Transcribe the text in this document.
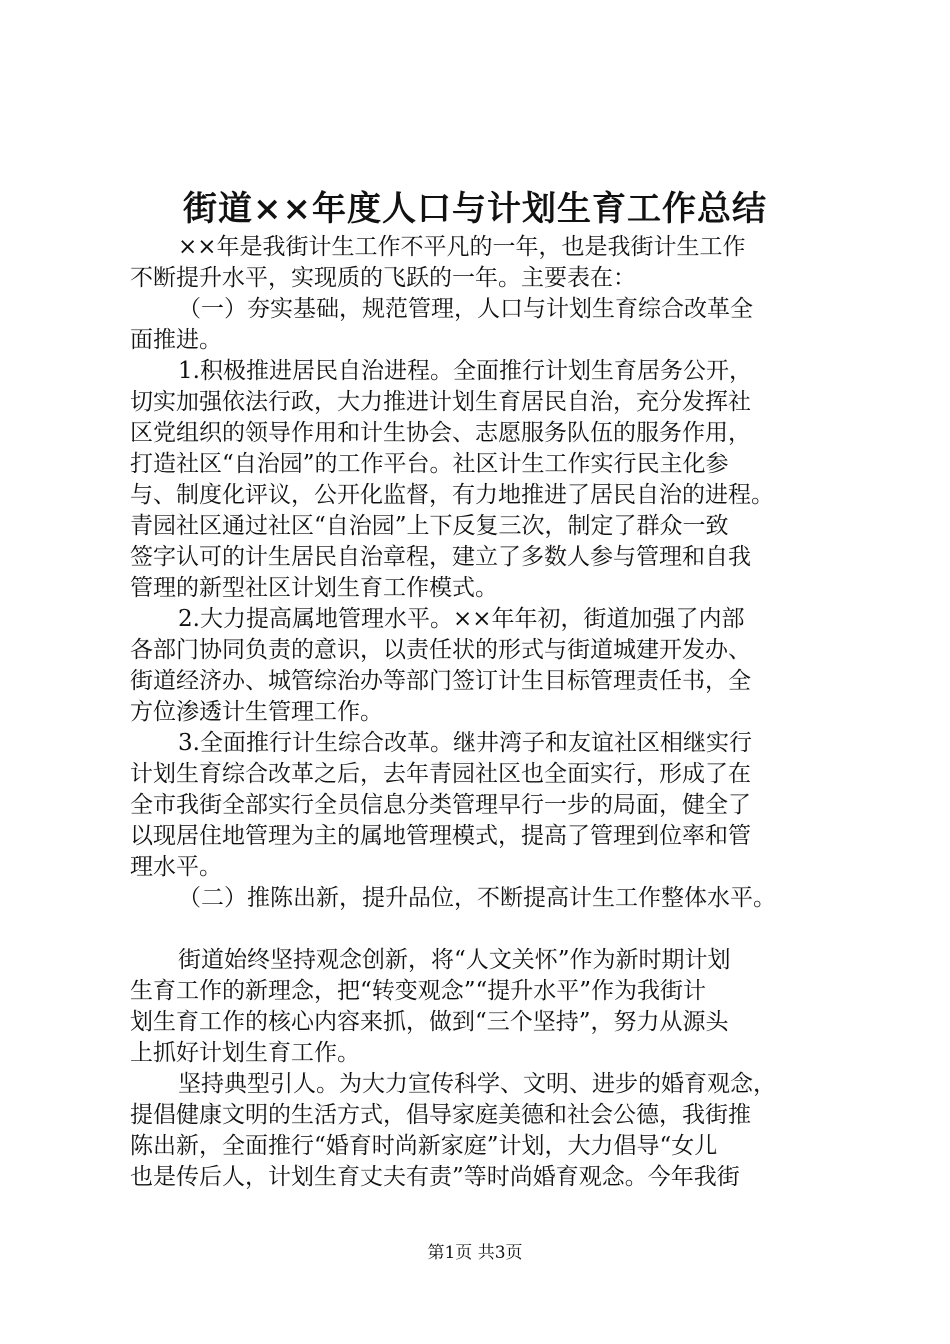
街道××年度人口与计划生育工作总结
××年是我街计生工作不平凡的一年，也是我街计生工作
不断提升水平，实现质的飞跃的一年。主要表在：
（一）夯实基础，规范管理，人口与计划生育综合改革全
面推进。
1.积极推进居民自治进程。全面推行计划生育居务公开，
切实加强依法行政，大力推进计划生育居民自治，充分发挥社
区党组织的领导作用和计生协会、志愿服务队伍的服务作用，
打造社区“自治园”的工作平台。社区计生工作实行民主化参
与、制度化评议，公开化监督，有力地推进了居民自治的进程。
青园社区通过社区“自治园”上下反复三次，制定了群众一致
签字认可的计生居民自治章程，建立了多数人参与管理和自我
管理的新型社区计划生育工作模式。
2.大力提高属地管理水平。××年年初，街道加强了内部
各部门协同负责的意识，以责任状的形式与街道城建开发办、
街道经济办、城管综治办等部门签订计生目标管理责任书，全
方位渗透计生管理工作。
3.全面推行计生综合改革。继井湾子和友谊社区相继实行
计划生育综合改革之后，去年青园社区也全面实行，形成了在
全市我街全部实行全员信息分类管理早行一步的局面，健全了
以现居住地管理为主的属地管理模式，提高了管理到位率和管
理水平。
（二）推陈出新，提升品位，不断提高计生工作整体水平。
街道始终坚持观念创新，将“人文关怀”作为新时期计划
生育工作的新理念，把“转变观念”“提升水平”作为我街计
划生育工作的核心内容来抓，做到“三个坚持”，努力从源头
上抓好计划生育工作。
坚持典型引人。为大力宣传科学、文明、进步的婚育观念，
提倡健康文明的生活方式，倡导家庭美德和社会公德，我街推
陈出新，全面推行“婚育时尚新家庭”计划，大力倡导“女儿
也是传后人，计划生育丈夫有责”等时尚婚育观念。今年我街
第1页 共3页
